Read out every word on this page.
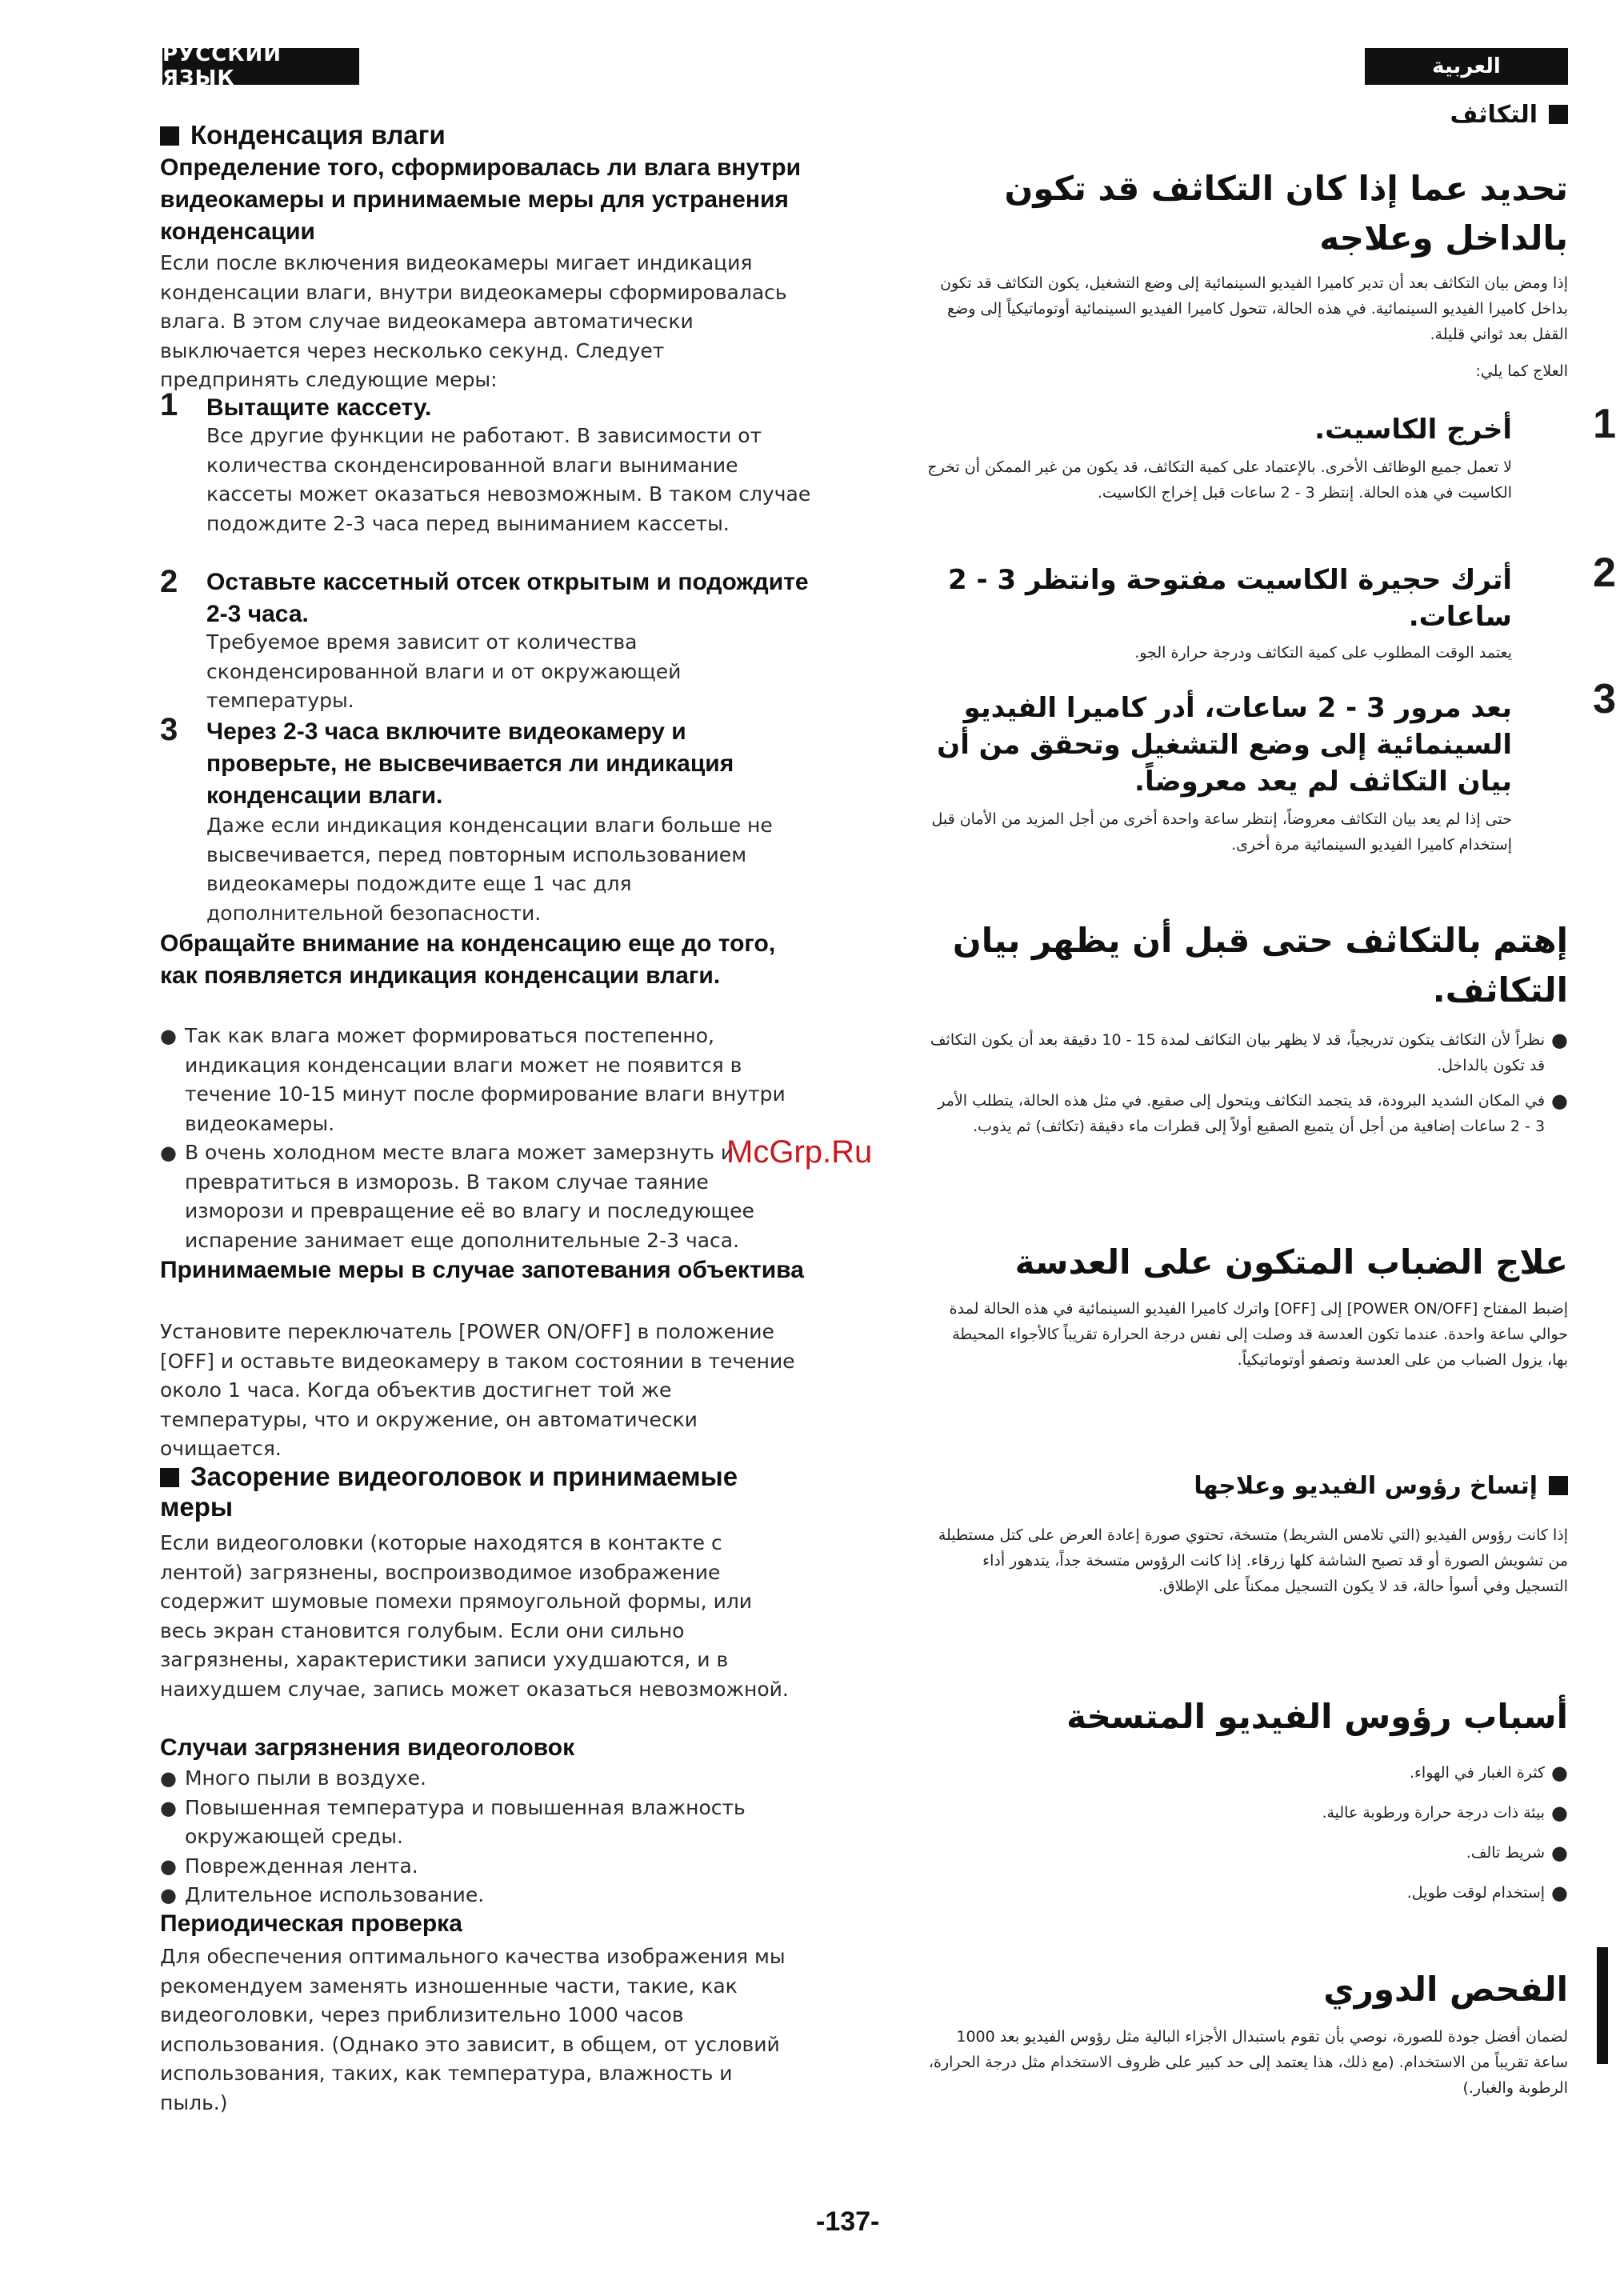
РУССКИЙ ЯЗЫК	العربية
Конденсация влаги
Определение того, сформировалась ли влага внутри видеокамеры и принимаемые меры для устранения конденсации
Если после включения видеокамеры мигает индикация конденсации влаги, внутри видеокамеры сформировалась влага. В этом случае видеокамера автоматически выключается через несколько секунд. Следует предпринять следующие меры:
1 Вытащите кассету.
Все другие функции не работают. В зависимости от количества сконденсированной влаги вынимание кассеты может оказаться невозможным. В таком случае подождите 2-3 часа перед выниманием кассеты.
2 Оставьте кассетный отсек открытым и подождите 2-3 часа.
Требуемое время зависит от количества сконденсированной влаги и от окружающей температуры.
3 Через 2-3 часа включите видеокамеру и проверьте, не высвечивается ли индикация конденсации влаги.
Даже если индикация конденсации влаги больше не высвечивается, перед повторным использованием видеокамеры подождите еще 1 час для дополнительной безопасности.
Обращайте внимание на конденсацию еще до того, как появляется индикация конденсации влаги.
● Так как влага может формироваться постепенно, индикация конденсации влаги может не появится в течение 10-15 минут после формирование влаги внутри видеокамеры.
● В очень холодном месте влага может замерзнуть и превратиться в изморозь. В таком случае таяние изморози и превращение её во влагу и последующее испарение занимает еще дополнительные 2-3 часа.
Принимаемые меры в случае запотевания объектива
Установите переключатель [POWER ON/OFF] в положение [OFF] и оставьте видеокамеру в таком состоянии в течение около 1 часа. Когда объектив достигнет той же температуры, что и окружение, он автоматически очищается.
Засорение видеоголовок и принимаемые меры
Если видеоголовки (которые находятся в контакте с лентой) загрязнены, воспроизводимое изображение содержит шумовые помехи прямоугольной формы, или весь экран становится голубым. Если они сильно загрязнены, характеристики записи ухудшаются, и в наихудшем случае, запись может оказаться невозможной.
Случаи загрязнения видеоголовок
● Много пыли в воздухе.
● Повышенная температура и повышенная влажность окружающей среды.
● Поврежденная лента.
● Длительное использование.
Периодическая проверка
Для обеспечения оптимального качества изображения мы рекомендуем заменять изношенные части, такие, как видеоголовки, через приблизительно 1000 часов использования. (Однако это зависит, в общем, от условий использования, таких, как температура, влажность и пыль.)
التكاثف
تحديد عما إذا كان التكاثف قد تكون بالداخل وعلاجه
إذا ومض بيان التكاثف بعد أن تدير كاميرا الفيديو السينمائية إلى وضع التشغيل، يكون التكاثف قد تكون بداخل كاميرا الفيديو السينمائية. في هذه الحالة، تتحول كاميرا الفيديو السينمائية أوتوماتيكياً إلى وضع القفل بعد ثواني قليلة.
العلاج كما يلي:
1
أخرج الكاسيت.
لا تعمل جميع الوظائف الأخرى. بالإعتماد على كمية التكاثف، قد يكون من غير الممكن أن تخرج الكاسيت في هذه الحالة. إنتظر 3 - 2 ساعات قبل إخراج الكاسيت.
2
أترك حجيرة الكاسيت مفتوحة وانتظر 3 - 2 ساعات.
يعتمد الوقت المطلوب على كمية التكاثف ودرجة حرارة الجو.
3
بعد مرور 3 - 2 ساعات، أدر كاميرا الفيديو السينمائية إلى وضع التشغيل وتحقق من أن بيان التكاثف لم يعد معروضاً.
حتى إذا لم يعد بيان التكاثف معروضاً، إنتظر ساعة واحدة أخرى من أجل المزيد من الأمان قبل إستخدام كاميرا الفيديو السينمائية مرة أخرى.
إهتم بالتكاثف حتى قبل أن يظهر بيان التكاثف.
●
نظراً لأن التكاثف يتكون تدريجياً، قد لا يظهر بيان التكاثف لمدة 15 - 10 دقيقة بعد أن يكون التكاثف قد تكون بالداخل.
●
في المكان الشديد البرودة، قد يتجمد التكاثف ويتحول إلى صقيع. في مثل هذه الحالة، يتطلب الأمر 3 - 2 ساعات إضافية من أجل أن يتميع الصقيع أولاً إلى قطرات ماء دقيقة (تكاثف) ثم يذوب.
علاج الضباب المتكون على العدسة
إضبط المفتاح [POWER ON/OFF] إلى [OFF] واترك كاميرا الفيديو السينمائية في هذه الحالة لمدة حوالي ساعة واحدة. عندما تكون العدسة قد وصلت إلى نفس درجة الحرارة تقريباً كالأجواء المحيطة بها، يزول الضباب من على العدسة وتصفو أوتوماتيكياً.
إتساخ رؤوس الفيديو وعلاجها
إذا كانت رؤوس الفيديو (التي تلامس الشريط) متسخة، تحتوي صورة إعادة العرض على كتل مستطيلة من تشويش الصورة أو قد تصبح الشاشة كلها زرقاء. إذا كانت الرؤوس متسخة جداً، يتدهور أداء التسجيل وفي أسوأ حالة، قد لا يكون التسجيل ممكناً على الإطلاق.
أسباب رؤوس الفيديو المتسخة
●
كثرة الغبار في الهواء.
●
بيئة ذات درجة حرارة ورطوبة عالية.
●
شريط تالف.
●
إستخدام لوقت طويل.
الفحص الدوري
لضمان أفضل جودة للصورة، نوصي بأن تقوم باستبدال الأجزاء البالية مثل رؤوس الفيديو بعد 1000 ساعة تقريباً من الاستخدام. (مع ذلك، هذا يعتمد إلى حد كبير على ظروف الاستخدام مثل درجة الحرارة، الرطوبة والغبار.)
McGrp.Ru
-137-
